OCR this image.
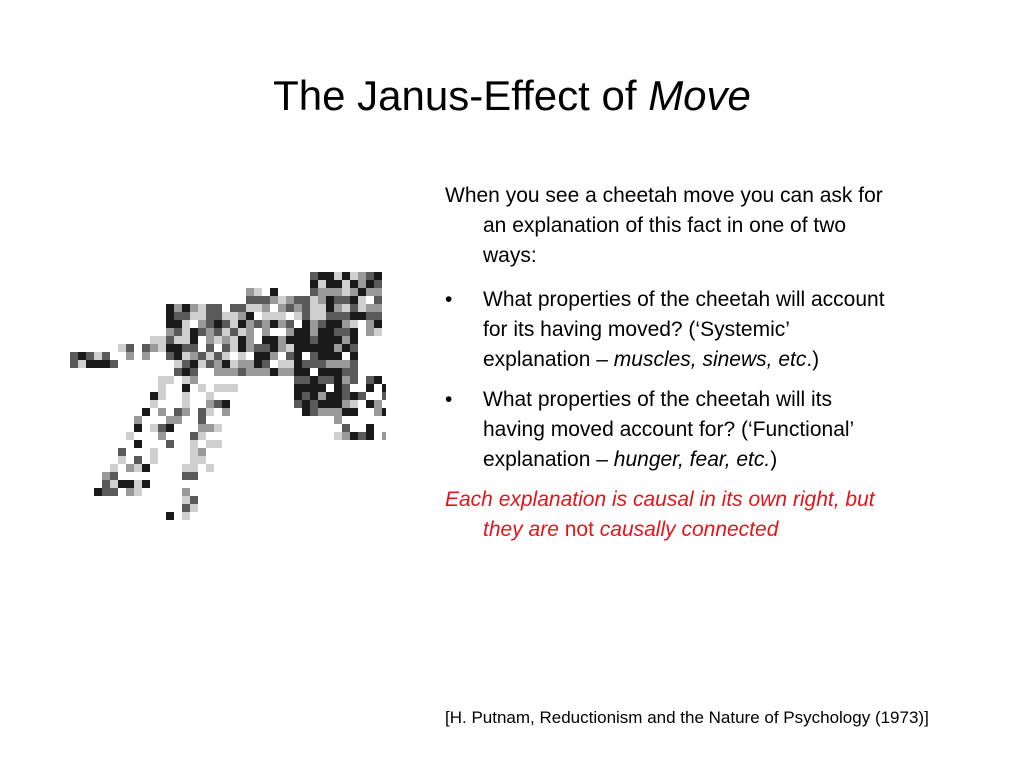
The Janus-Effect of Move

When you see a cheetah move you can ask for an explanation of this fact in one of two ways:

•	What properties of the cheetah will account for its having moved? (‘Systemic’ explanation – muscles, sinews, etc.)
•	What properties of the cheetah will its having moved account for? (‘Functional’ explanation – hunger, fear, etc.)

Each explanation is causal in its own right, but they are not causally connected

[H. Putnam, Reductionism and the Nature of Psychology (1973)]
